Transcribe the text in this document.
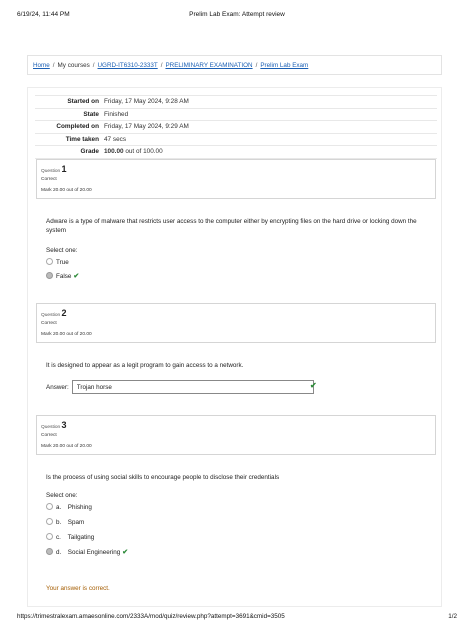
6/19/24, 11:44 PM	Prelim Lab Exam: Attempt review
Home / My courses / UGRD-IT6310-2333T / PRELIMINARY EXAMINATION / Prelim Lab Exam
Started on Friday, 17 May 2024, 9:28 AM
State Finished
Completed on Friday, 17 May 2024, 9:29 AM
Time taken 47 secs
Grade 100.00 out of 100.00
Question 1
Correct
Mark 20.00 out of 20.00
Adware is a type of malware that restricts user access to the computer either by encrypting files on the hard drive or locking down the system
Select one:
True
False ✔
Question 2
Correct
Mark 20.00 out of 20.00
It is designed to appear as a legit program to gain access to a network.
Answer:
Trojan horse	✔
Question 3
Correct
Mark 20.00 out of 20.00
Is the process of using social skills to encourage people to disclose their credentials
Select one:
a. Phishing
b. Spam
c. Tailgating
d. Social Engineering ✔
Your answer is correct.
https://trimestralexam.amaesonline.com/2333A/mod/quiz/review.php?attempt=3691&cmid=3505	1/2
